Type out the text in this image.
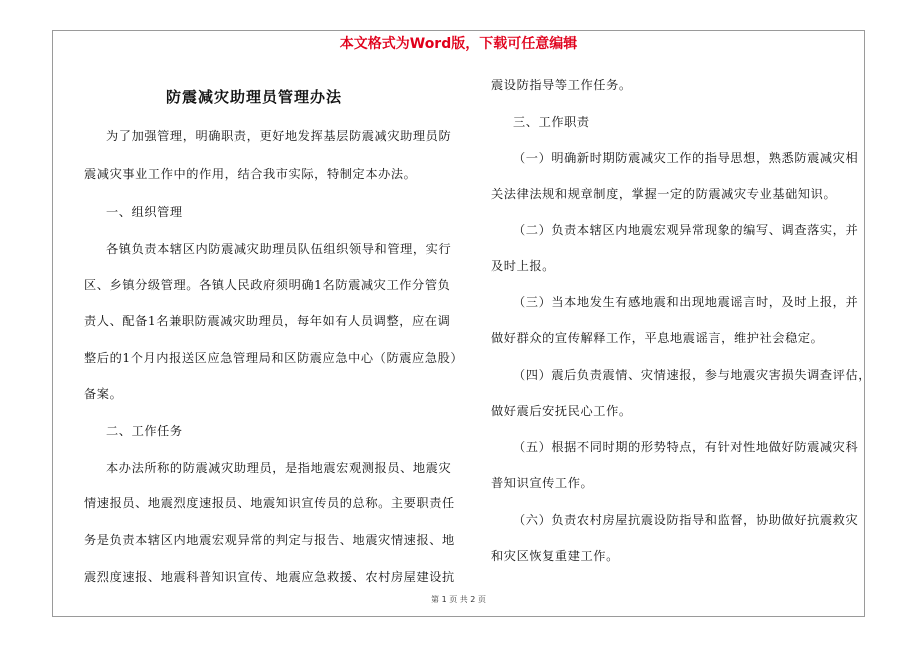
本文格式为Word版，下载可任意编辑
防震减灾助理员管理办法
为了加强管理，明确职责，更好地发挥基层防震减灾助理员防
震减灾事业工作中的作用，结合我市实际，特制定本办法。
一、组织管理
各镇负责本辖区内防震减灾助理员队伍组织领导和管理，实行
区、乡镇分级管理。各镇人民政府须明确1名防震减灾工作分管负
责人、配备1名兼职防震减灾助理员，每年如有人员调整，应在调
整后的1个月内报送区应急管理局和区防震应急中心（防震应急股）
备案。
二、工作任务
本办法所称的防震减灾助理员，是指地震宏观测报员、地震灾
情速报员、地震烈度速报员、地震知识宣传员的总称。主要职责任
务是负责本辖区内地震宏观异常的判定与报告、地震灾情速报、地
震烈度速报、地震科普知识宣传、地震应急救援、农村房屋建设抗
震设防指导等工作任务。
三、工作职责
（一）明确新时期防震减灾工作的指导思想，熟悉防震减灾相
关法律法规和规章制度，掌握一定的防震减灾专业基础知识。
（二）负责本辖区内地震宏观异常现象的编写、调查落实，并
及时上报。
（三）当本地发生有感地震和出现地震谣言时，及时上报，并
做好群众的宣传解释工作，平息地震谣言，维护社会稳定。
（四）震后负责震情、灾情速报，参与地震灾害损失调查评估，
做好震后安抚民心工作。
（五）根据不同时期的形势特点，有针对性地做好防震减灾科
普知识宣传工作。
（六）负责农村房屋抗震设防指导和监督，协助做好抗震救灾
和灾区恢复重建工作。
第 1 页 共 2 页
